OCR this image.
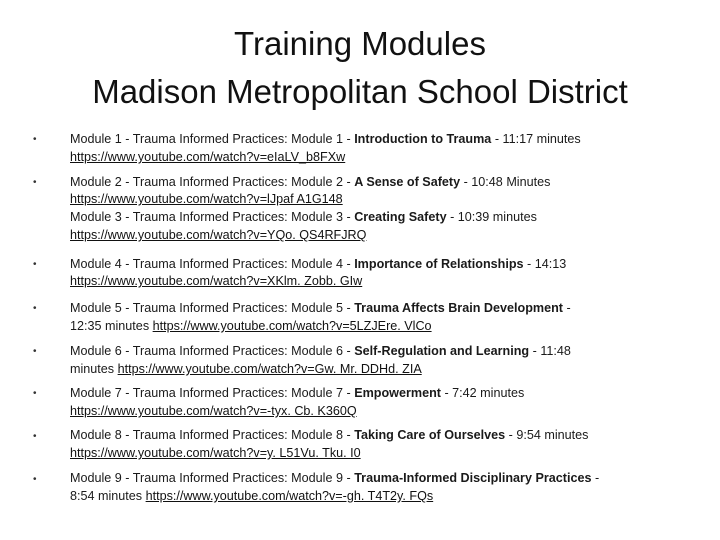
Training Modules
Madison Metropolitan School District
•	Module 1 - Trauma Informed Practices: Module 1 - Introduction to Trauma - 11:17 minutes
https://www.youtube.com/watch?v=eIaLV_b8FXw
•	Module 2 - Trauma Informed Practices: Module 2 - A Sense of Safety - 10:48 Minutes
https://www.youtube.com/watch?v=lJpaf A1G148
Module 3 - Trauma Informed Practices: Module 3 - Creating Safety - 10:39 minutes
https://www.youtube.com/watch?v=YQo. QS4RFJRQ
•	Module 4 - Trauma Informed Practices: Module 4 - Importance of Relationships - 14:13
https://www.youtube.com/watch?v=XKlm. Zobb. GIw
•	Module 5 - Trauma Informed Practices: Module 5 - Trauma Affects Brain Development -
12:35 minutes https://www.youtube.com/watch?v=5LZJEre. VlCo
•	Module 6 - Trauma Informed Practices: Module 6 - Self-Regulation and Learning - 11:48
minutes https://www.youtube.com/watch?v=Gw. Mr. DDHd. ZIA
•	Module 7 - Trauma Informed Practices: Module 7 - Empowerment - 7:42 minutes
https://www.youtube.com/watch?v=-tyx. Cb. K360Q
•	Module 8 - Trauma Informed Practices: Module 8 - Taking Care of Ourselves - 9:54 minutes
https://www.youtube.com/watch?v=y. L51Vu. Tku. I0
•	Module 9 - Trauma Informed Practices: Module 9 - Trauma-Informed Disciplinary Practices -
8:54 minutes https://www.youtube.com/watch?v=-gh. T4T2y. FQs
